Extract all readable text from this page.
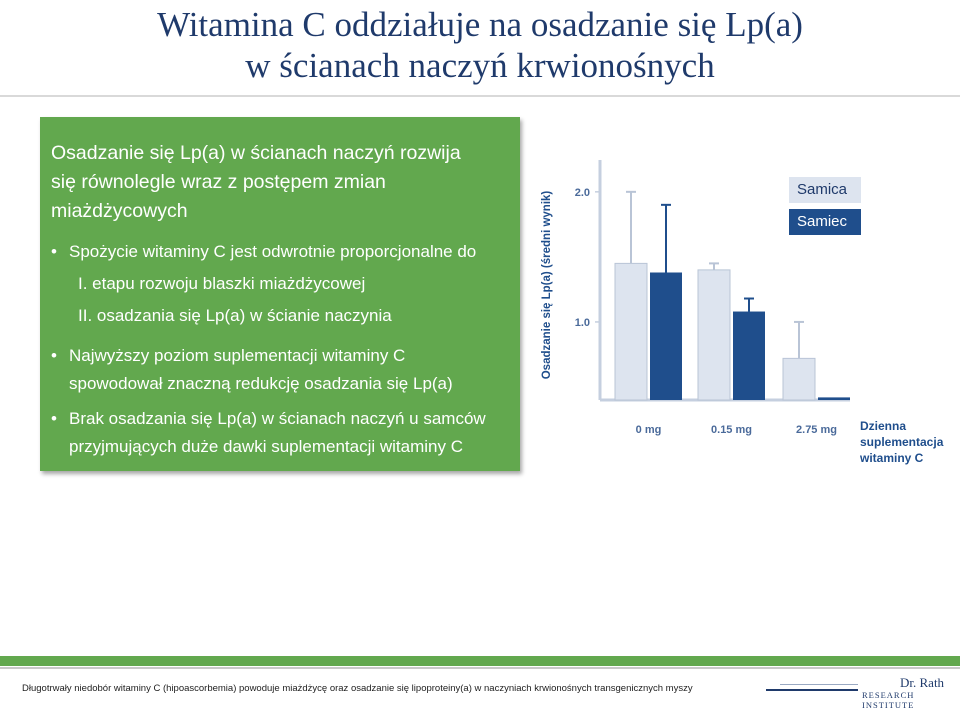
Witamina C oddziałuje na osadzanie się Lp(a)
w ścianach naczyń krwionośnych
Osadzanie się Lp(a) w ścianach naczyń rozwija
się równolegle wraz z postępem zmian
miażdżycowych
• Spożycie witaminy C jest odwrotnie proporcjonalne do
I. etapu rozwoju blaszki miażdżycowej
II. osadzania się Lp(a) w ścianie naczynia
• Najwyższy poziom suplementacji witaminy C
spowodował znaczną redukcję osadzania się Lp(a)
• Brak osadzania się Lp(a) w ścianach naczyń u samców
przyjmujących duże dawki suplementacji witaminy C
2.0
1.0
Osadzanie się Lp(a) (średni wynik)
0 mg	0.15 mg	2.75 mg
Samica
Samiec
Dzienna suplementacja witaminy C
Długotrwały niedobór witaminy C (hipoascorbemia) powoduje miażdżycę oraz osadzanie się lipoproteiny(a) w naczyniach krwionośnych transgenicznych myszy	Dr. Rath
RESEARCH INSTITUTE
